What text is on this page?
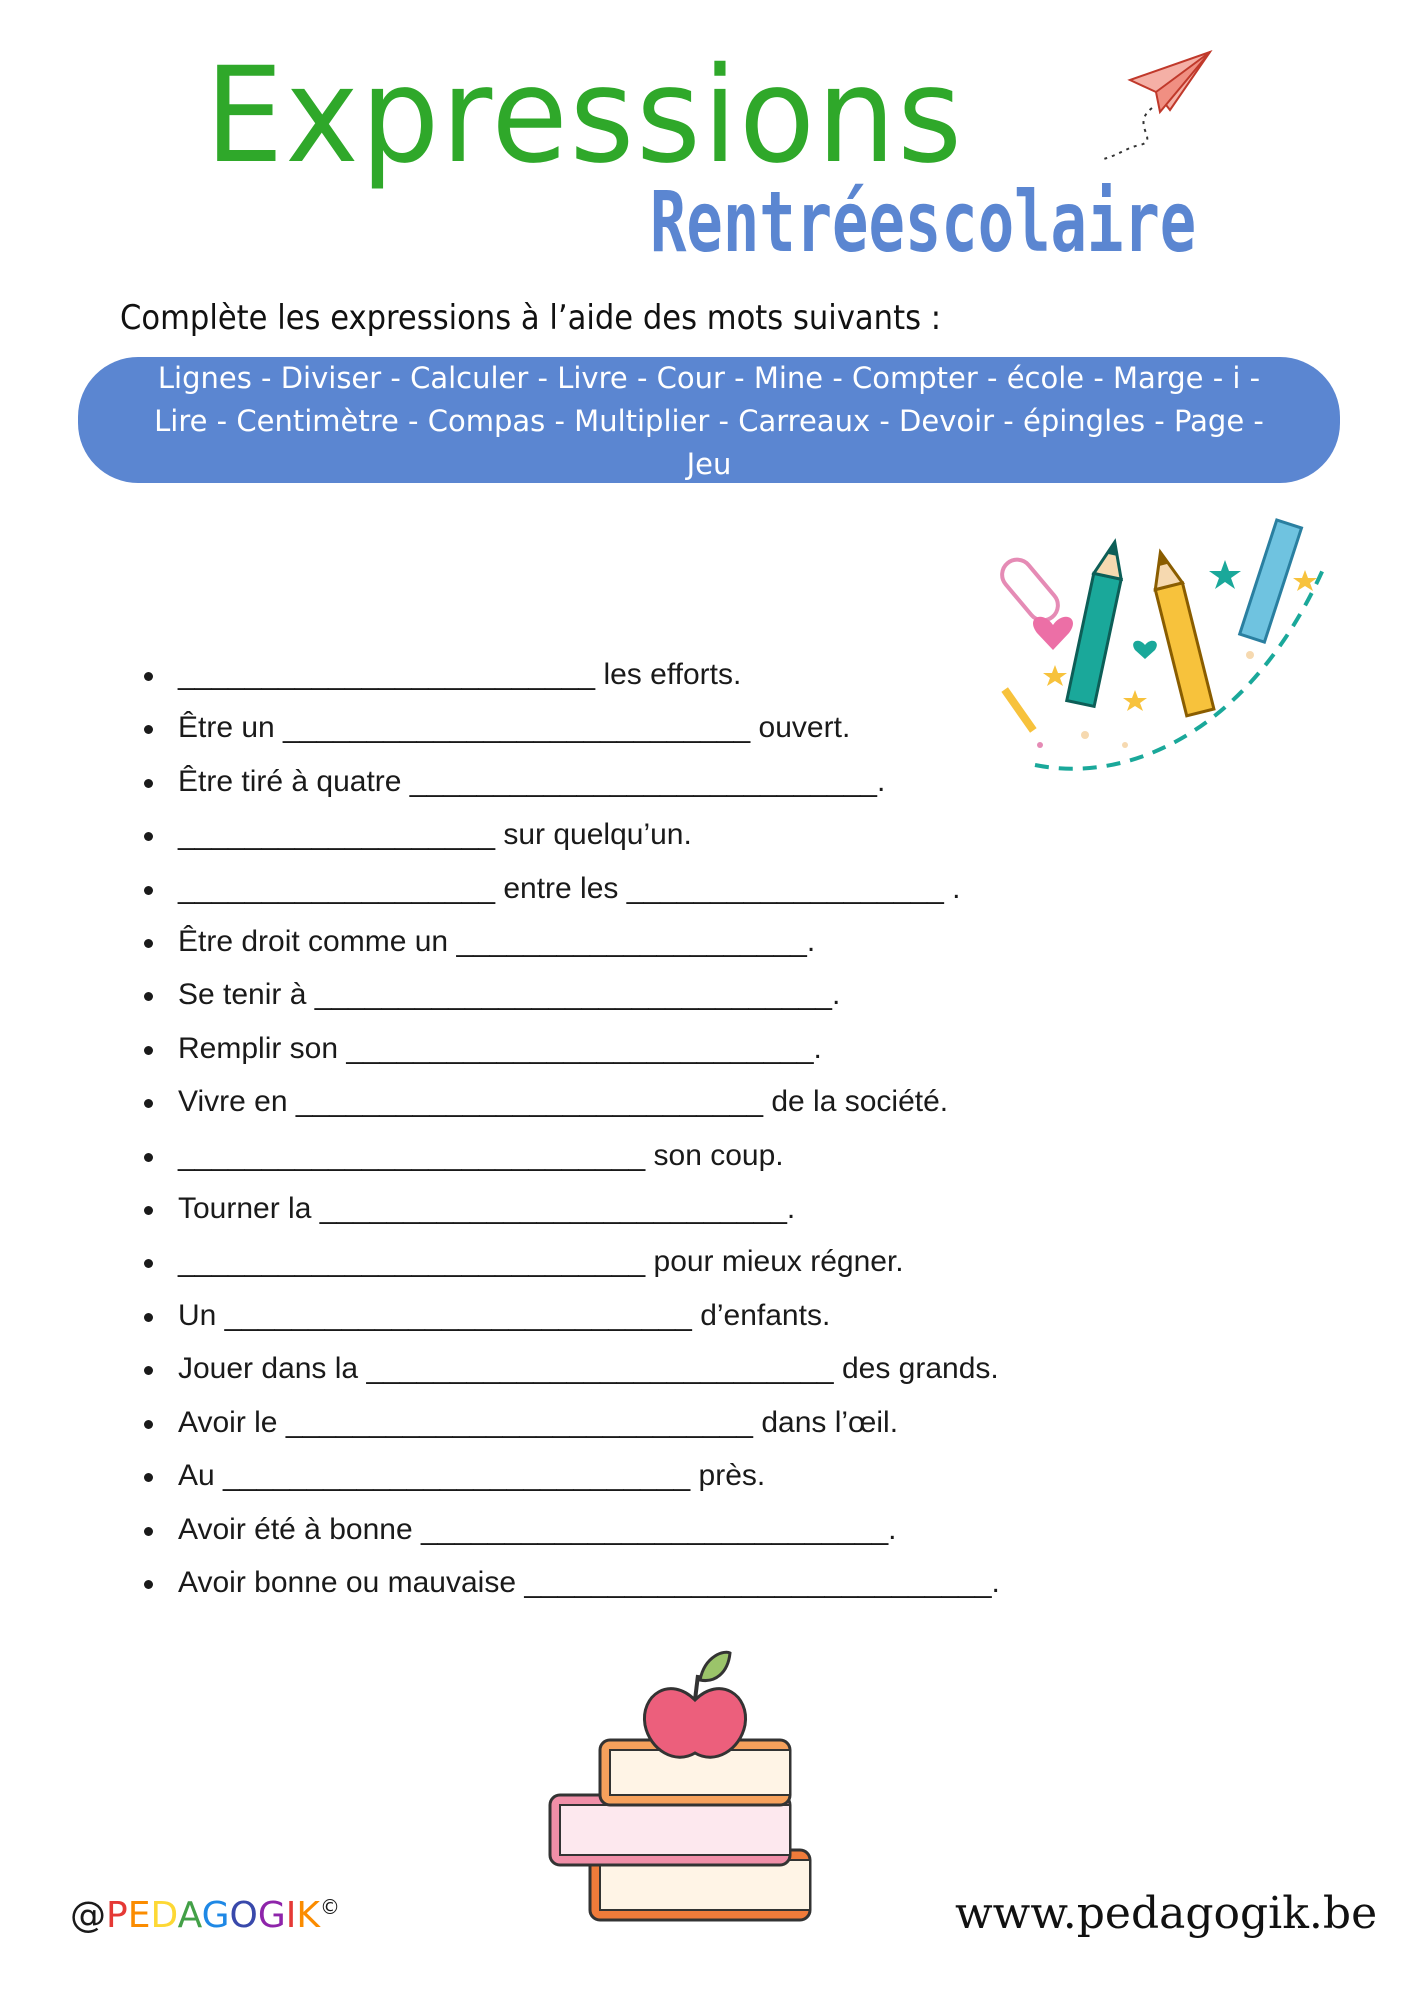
Expressions
Rentréescolaire
Complète les expressions à l’aide des mots suivants :
Lignes - Diviser - Calculer - Livre - Cour - Mine - Compter - école - Marge - i -
Lire - Centimètre - Compas - Multiplier - Carreaux - Devoir - épingles - Page -
Jeu
_________________________ les efforts.
Être un ____________________________ ouvert.
Être tiré à quatre ____________________________.
___________________ sur quelqu’un.
___________________ entre les ___________________ .
Être droit comme un _____________________.
Se tenir à _______________________________.
Remplir son ____________________________.
Vivre en ____________________________ de la société.
____________________________ son coup.
Tourner la ____________________________.
____________________________ pour mieux régner.
Un ____________________________ d’enfants.
Jouer dans la ____________________________ des grands.
Avoir le ____________________________ dans l’œil.
Au ____________________________ près.
Avoir été à bonne ____________________________.
Avoir bonne ou mauvaise ____________________________.
@PEDAGOGIK©	www.pedagogik.be
